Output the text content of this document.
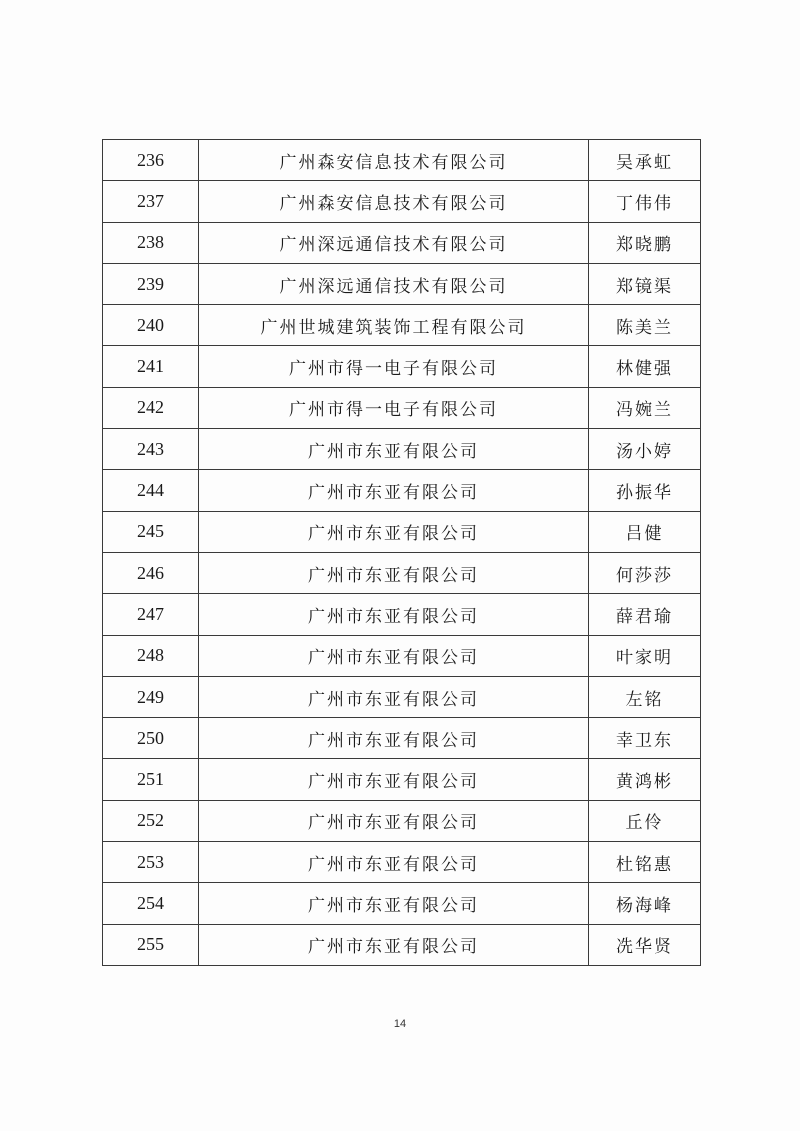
236	广州森安信息技术有限公司	吴承虹
237	广州森安信息技术有限公司	丁伟伟
238	广州深远通信技术有限公司	郑晓鹏
239	广州深远通信技术有限公司	郑镜渠
240	广州世城建筑装饰工程有限公司	陈美兰
241	广州市得一电子有限公司	林健强
242	广州市得一电子有限公司	冯婉兰
243	广州市东亚有限公司	汤小婷
244	广州市东亚有限公司	孙振华
245	广州市东亚有限公司	吕健
246	广州市东亚有限公司	何莎莎
247	广州市东亚有限公司	薛君瑜
248	广州市东亚有限公司	叶家明
249	广州市东亚有限公司	左铭
250	广州市东亚有限公司	幸卫东
251	广州市东亚有限公司	黄鸿彬
252	广州市东亚有限公司	丘伶
253	广州市东亚有限公司	杜铭惠
254	广州市东亚有限公司	杨海峰
255	广州市东亚有限公司	冼华贤
14
